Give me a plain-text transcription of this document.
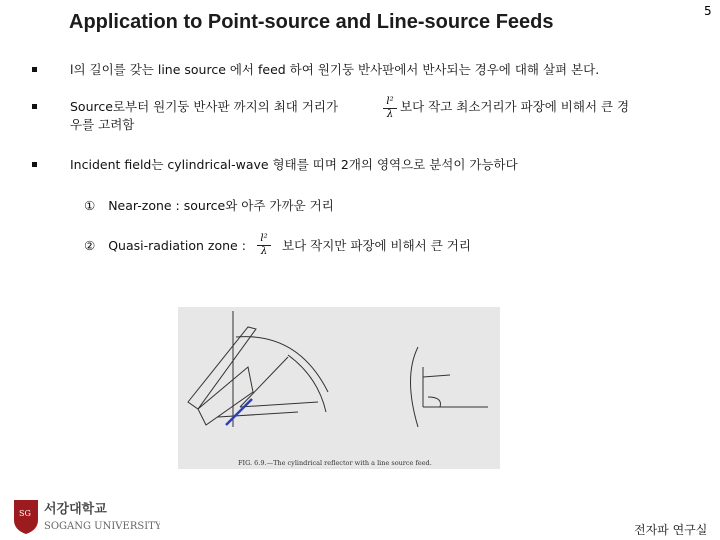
Application to Point-source and Line-source Feeds	5
l의 길이를 갖는 line source 에서 feed 하여 원기둥 반사판에서 반사되는 경우에 대해 살펴 본다.
Source로부터 원기둥 반사판 까지의 최대 거리가	l²
λ
보다 작고 최소거리가 파장에 비해서 큰 경
우를 고려함
Incident field는 cylindrical-wave 형태를 띠며 2개의 영역으로 분석이 가능하다
① Near-zone : source와 아주 가까운 거리
② Quasi-radiation zone :	l²
λ	보다 작지만 파장에 비해서 큰 거리
FIG. 6.9.—The cylindrical reflector with a line source feed.
SG 서강대학교
SOGANG UNIVERSITY	전자파 연구실
